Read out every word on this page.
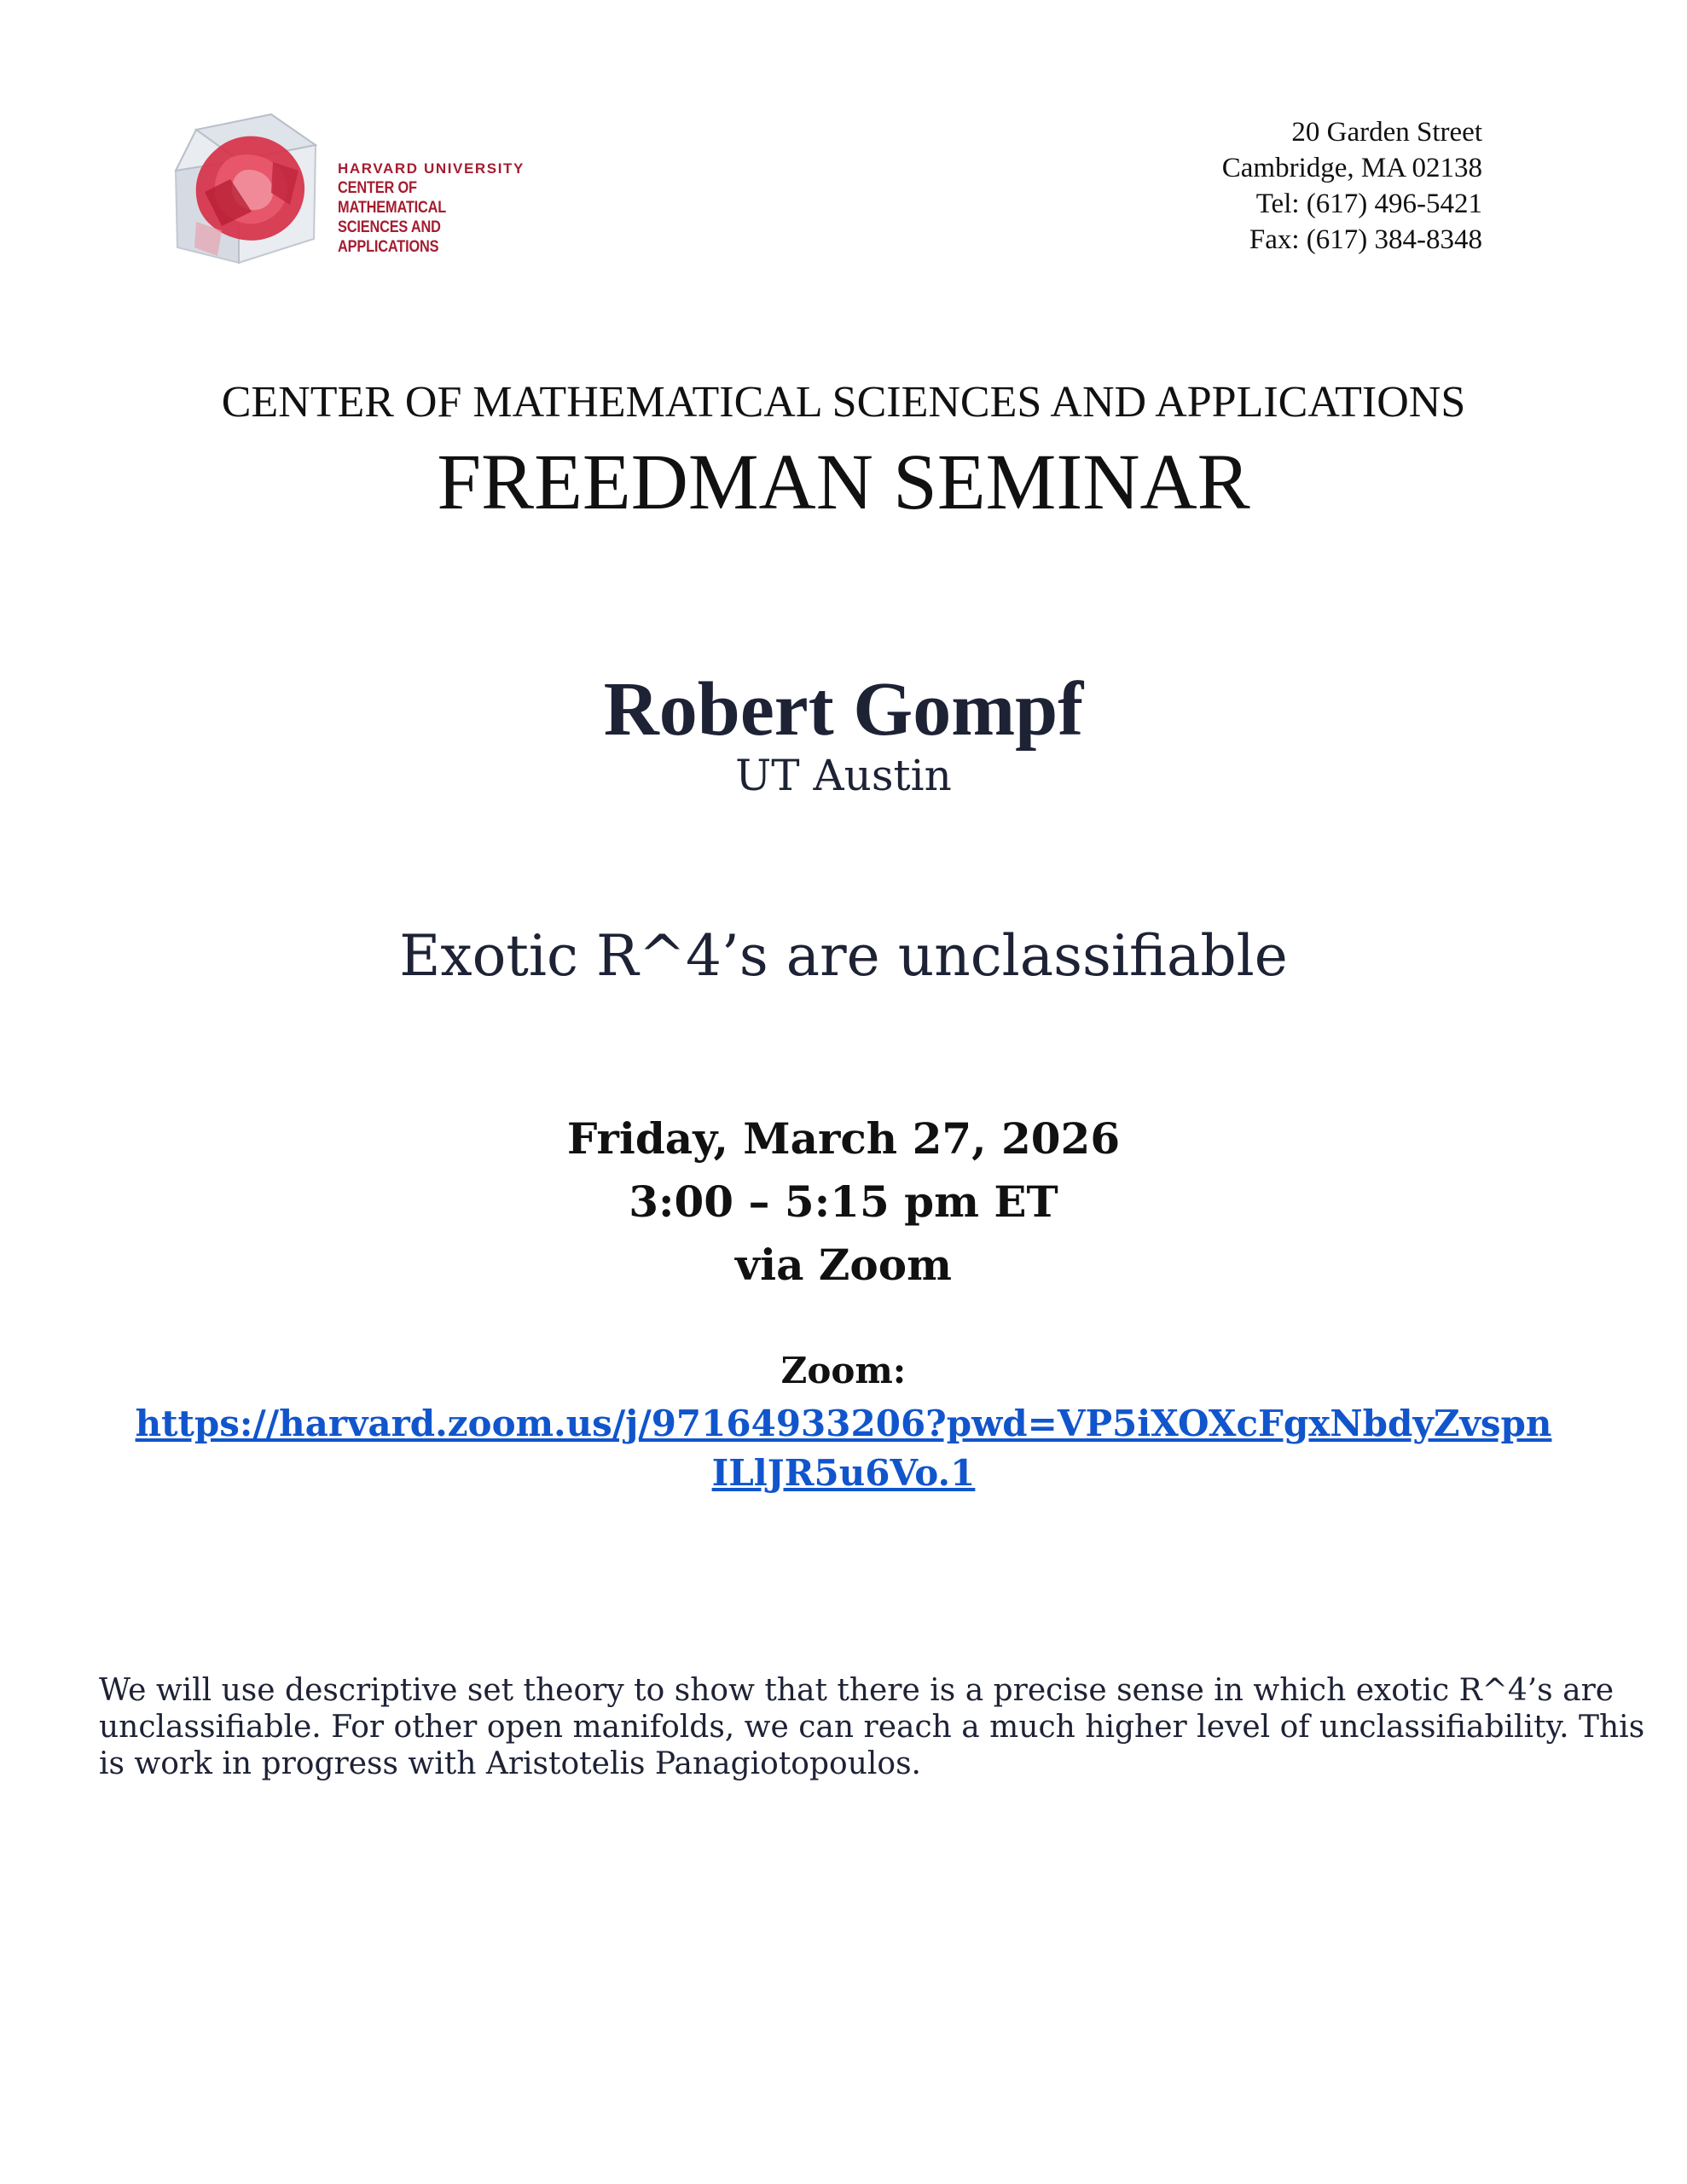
HARVARD UNIVERSITY
CENTER OF MATHEMATICAL
SCIENCES AND APPLICATIONS
20 Garden Street
Cambridge, MA 02138
Tel: (617) 496-5421
Fax: (617) 384-8348
CENTER OF MATHEMATICAL SCIENCES AND APPLICATIONS
FREEDMAN SEMINAR
Robert Gompf
UT Austin
Exotic R^4’s are unclassifiable
Friday, March 27, 2026
3:00 – 5:15 pm ET
via Zoom
Zoom:
https://harvard.zoom.us/j/97164933206?pwd=VP5iXOXcFgxNbdyZvspn
ILlJR5u6Vo.1
We will use descriptive set theory to show that there is a precise sense in which exotic R^4’s are
unclassifiable. For other open manifolds, we can reach a much higher level of unclassifiability. This
is work in progress with Aristotelis Panagiotopoulos.
